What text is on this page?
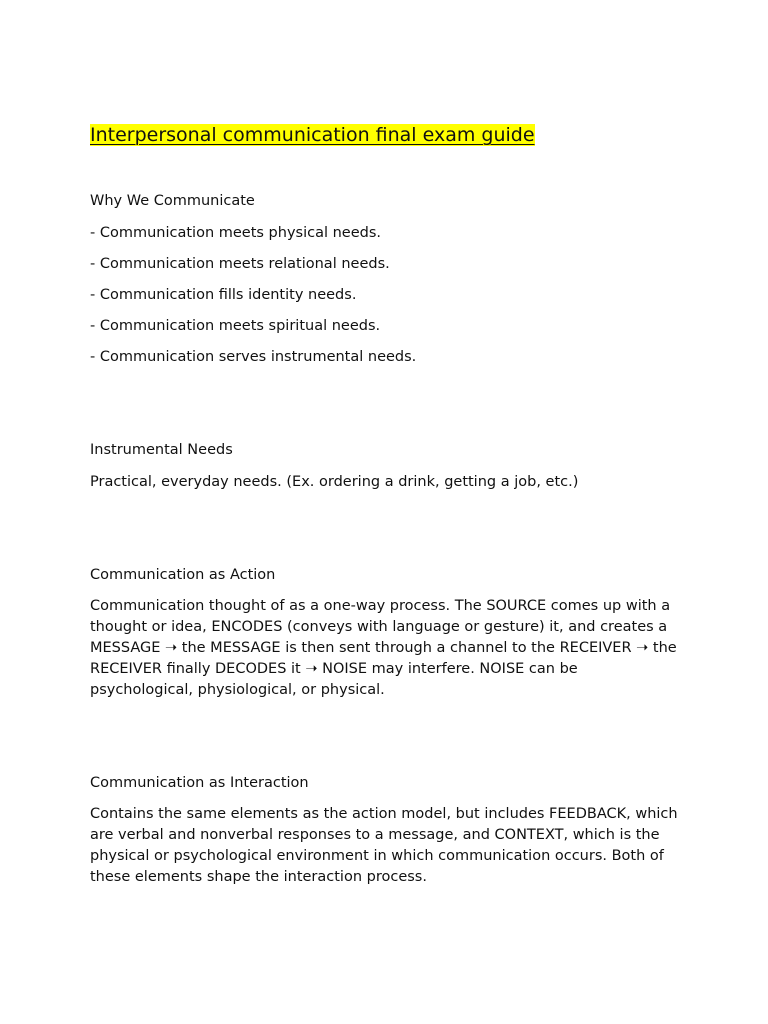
Interpersonal communication final exam guide

Why We Communicate

- Communication meets physical needs.
- Communication meets relational needs.
- Communication fills identity needs.
- Communication meets spiritual needs.
- Communication serves instrumental needs.

Instrumental Needs

Practical, everyday needs. (Ex. ordering a drink, getting a job, etc.)

Communication as Action

Communication thought of as a one-way process. The SOURCE comes up with a thought or idea, ENCODES (conveys with language or gesture) it, and creates a MESSAGE ➝ the MESSAGE is then sent through a channel to the RECEIVER ➝ the RECEIVER finally DECODES it ➝ NOISE may interfere. NOISE can be psychological, physiological, or physical.

Communication as Interaction

Contains the same elements as the action model, but includes FEEDBACK, which are verbal and nonverbal responses to a message, and CONTEXT, which is the physical or psychological environment in which communication occurs. Both of these elements shape the interaction process.
